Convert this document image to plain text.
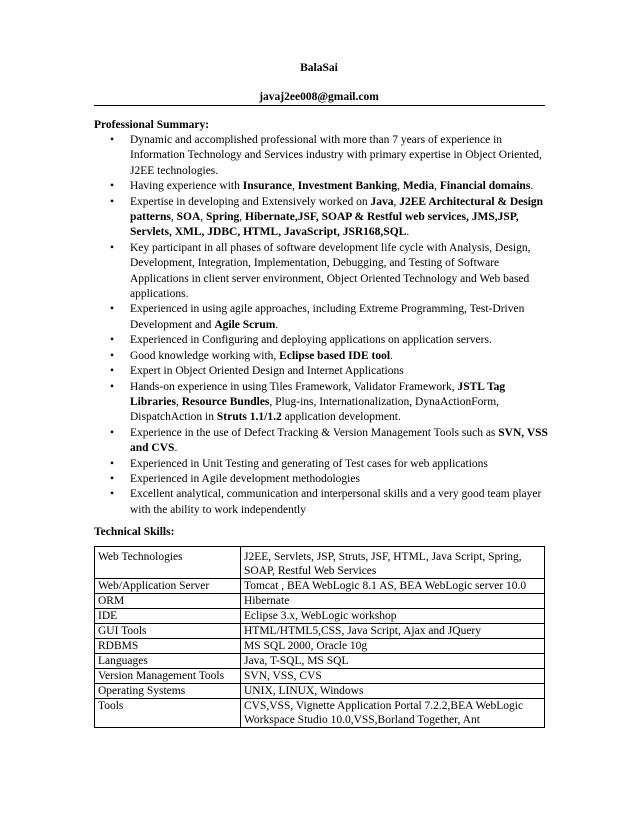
BalaSai
javaj2ee008@gmail.com
Professional Summary:
• Dynamic and accomplished professional with more than 7 years of experience in Information Technology and Services industry with primary expertise in Object Oriented, J2EE technologies.
• Having experience with Insurance, Investment Banking, Media, Financial domains.
• Expertise in developing and Extensively worked on Java, J2EE Architectural & Design patterns, SOA, Spring, Hibernate,JSF, SOAP & Restful web services, JMS,JSP, Servlets, XML, JDBC, HTML, JavaScript, JSR168,SQL.
• Key participant in all phases of software development life cycle with Analysis, Design, Development, Integration, Implementation, Debugging, and Testing of Software Applications in client server environment, Object Oriented Technology and Web based applications.
• Experienced in using agile approaches, including Extreme Programming, Test-Driven Development and Agile Scrum.
• Experienced in Configuring and deploying applications on application servers.
• Good knowledge working with, Eclipse based IDE tool.
• Expert in Object Oriented Design and Internet Applications
• Hands-on experience in using Tiles Framework, Validator Framework, JSTL Tag Libraries, Resource Bundles, Plug-ins, Internationalization, DynaActionForm, DispatchAction in Struts 1.1/1.2 application development.
• Experience in the use of Defect Tracking & Version Management Tools such as SVN, VSS and CVS.
• Experienced in Unit Testing and generating of Test cases for web applications
• Experienced in Agile development methodologies
• Excellent analytical, communication and interpersonal skills and a very good team player with the ability to work independently
Technical Skills:
Web Technologies	J2EE, Servlets, JSP, Struts, JSF, HTML, Java Script, Spring, SOAP, Restful Web Services
Web/Application Server	Tomcat , BEA WebLogic 8.1 AS, BEA WebLogic server 10.0
ORM	Hibernate
IDE	Eclipse 3.x, WebLogic workshop
GUI Tools	HTML/HTML5,CSS, Java Script, Ajax and JQuery
RDBMS	MS SQL 2000, Oracle 10g
Languages	Java, T-SQL, MS SQL
Version Management Tools	SVN, VSS, CVS
Operating Systems	UNIX, LINUX, Windows
Tools	CVS,VSS, Vignette Application Portal 7.2.2,BEA WebLogic Workspace Studio 10.0,VSS,Borland Together, Ant
